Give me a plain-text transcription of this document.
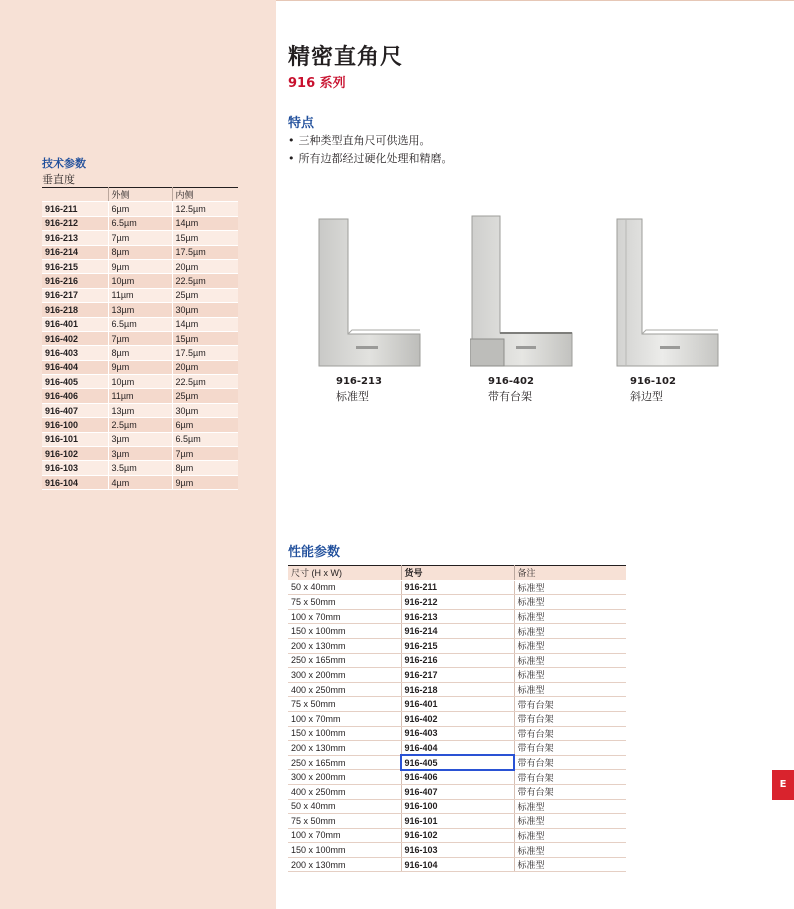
精密直角尺
916 系列
特点
• 三种类型直角尺可供选用。
• 所有边都经过硬化处理和精磨。
技术参数
垂直度
	外侧	内侧
916-211	6µm	12.5µm
916-212	6.5µm	14µm
916-213	7µm	15µm
916-214	8µm	17.5µm
916-215	9µm	20µm
916-216	10µm	22.5µm
916-217	11µm	25µm
916-218	13µm	30µm
916-401	6.5µm	14µm
916-402	7µm	15µm
916-403	8µm	17.5µm
916-404	9µm	20µm
916-405	10µm	22.5µm
916-406	11µm	25µm
916-407	13µm	30µm
916-100	2.5µm	6µm
916-101	3µm	6.5µm
916-102	3µm	7µm
916-103	3.5µm	8µm
916-104	4µm	9µm
916-213
标准型
916-402
带有台架
916-102
斜边型
性能参数
尺寸 (H x W)	货号	备注
50 x 40mm	916-211	标准型
75 x 50mm	916-212	标准型
100 x 70mm	916-213	标准型
150 x 100mm	916-214	标准型
200 x 130mm	916-215	标准型
250 x 165mm	916-216	标准型
300 x 200mm	916-217	标准型
400 x 250mm	916-218	标准型
75 x 50mm	916-401	带有台架
100 x 70mm	916-402	带有台架
150 x 100mm	916-403	带有台架
200 x 130mm	916-404	带有台架
250 x 165mm	916-405	带有台架
300 x 200mm	916-406	带有台架
400 x 250mm	916-407	带有台架
50 x 40mm	916-100	标准型
75 x 50mm	916-101	标准型
100 x 70mm	916-102	标准型
150 x 100mm	916-103	标准型
200 x 130mm	916-104	标准型
E
